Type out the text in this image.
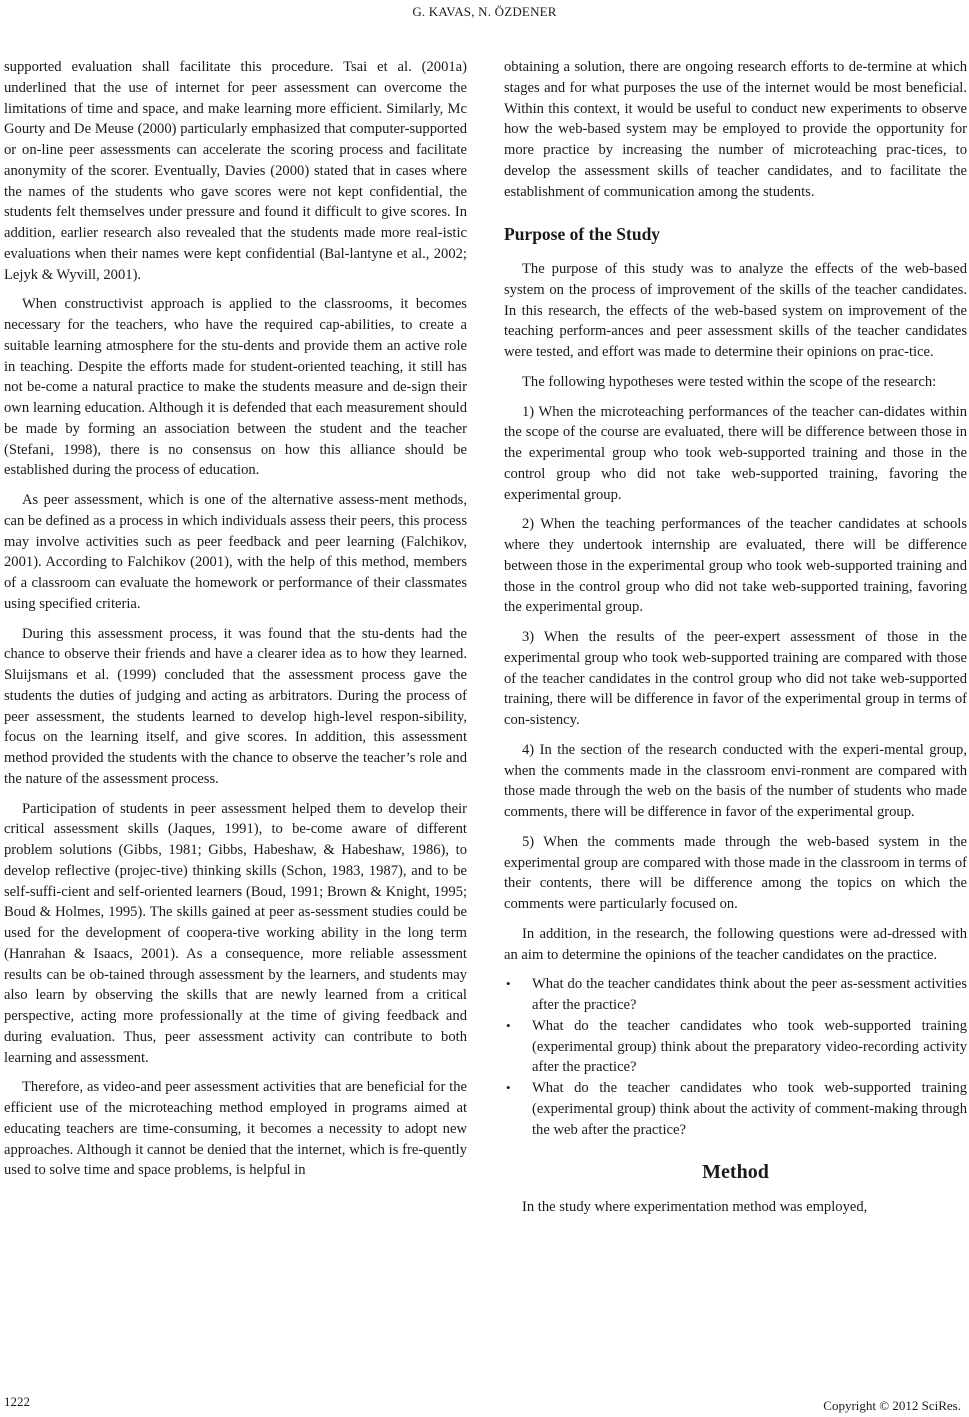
G. KAVAS, N. ÖZDENER

supported evaluation shall facilitate this procedure. Tsai et al. (2001a) underlined that the use of internet for peer assessment can overcome the limitations of time and space, and make learning more efficient. Similarly, Mc Gourty and De Meuse (2000) particularly emphasized that computer-supported or on-line peer assessments can accelerate the scoring process and facilitate anonymity of the scorer. Eventually, Davies (2000) stated that in cases where the names of the students who gave scores were not kept confidential, the students felt themselves under pressure and found it difficult to give scores. In addition, earlier research also revealed that the students made more real-istic evaluations when their names were kept confidential (Bal-lantyne et al., 2002; Lejyk & Wyvill, 2001).

When constructivist approach is applied to the classrooms, it becomes necessary for the teachers, who have the required cap-abilities, to create a suitable learning atmosphere for the stu-dents and provide them an active role in teaching. Despite the efforts made for student-oriented teaching, it still has not be-come a natural practice to make the students measure and de-sign their own learning education. Although it is defended that each measurement should be made by forming an association between the student and the teacher (Stefani, 1998), there is no consensus on how this alliance should be established during the process of education.

As peer assessment, which is one of the alternative assess-ment methods, can be defined as a process in which individuals assess their peers, this process may involve activities such as peer feedback and peer learning (Falchikov, 2001). According to Falchikov (2001), with the help of this method, members of a classroom can evaluate the homework or performance of their classmates using specified criteria.

During this assessment process, it was found that the stu-dents had the chance to observe their friends and have a clearer idea as to how they learned. Sluijsmans et al. (1999) concluded that the assessment process gave the students the duties of judging and acting as arbitrators. During the process of peer assessment, the students learned to develop high-level respon-sibility, focus on the learning itself, and give scores. In addition, this assessment method provided the students with the chance to observe the teacher’s role and the nature of the assessment process.

Participation of students in peer assessment helped them to develop their critical assessment skills (Jaques, 1991), to be-come aware of different problem solutions (Gibbs, 1981; Gibbs, Habeshaw, & Habeshaw, 1986), to develop reflective (projec-tive) thinking skills (Schon, 1983, 1987), and to be self-suffi-cient and self-oriented learners (Boud, 1991; Brown & Knight, 1995; Boud & Holmes, 1995). The skills gained at peer as-sessment studies could be used for the development of coopera-tive working ability in the long term (Hanrahan & Isaacs, 2001). As a consequence, more reliable assessment results can be ob-tained through assessment by the learners, and students may also learn by observing the skills that are newly learned from a critical perspective, acting more professionally at the time of giving feedback and during evaluation. Thus, peer assessment activity can contribute to both learning and assessment.

Therefore, as video-and peer assessment activities that are beneficial for the efficient use of the microteaching method employed in programs aimed at educating teachers are time-consuming, it becomes a necessity to adopt new approaches. Although it cannot be denied that the internet, which is fre-quently used to solve time and space problems, is helpful in

obtaining a solution, there are ongoing research efforts to de-termine at which stages and for what purposes the use of the internet would be most beneficial. Within this context, it would be useful to conduct new experiments to observe how the web-based system may be employed to provide the opportunity for more practice by increasing the number of microteaching prac-tices, to develop the assessment skills of teacher candidates, and to facilitate the establishment of communication among the students.

Purpose of the Study

The purpose of this study was to analyze the effects of the web-based system on the process of improvement of the skills of the teacher candidates. In this research, the effects of the web-based system on improvement of the teaching perform-ances and peer assessment skills of the teacher candidates were tested, and effort was made to determine their opinions on prac-tice.

The following hypotheses were tested within the scope of the research:

1) When the microteaching performances of the teacher can-didates within the scope of the course are evaluated, there will be difference between those in the experimental group who took web-supported training and those in the control group who did not take web-supported training, favoring the experimental group.

2) When the teaching performances of the teacher candidates at schools where they undertook internship are evaluated, there will be difference between those in the experimental group who took web-supported training and those in the control group who did not take web-supported training, favoring the experimental group.

3) When the results of the peer-expert assessment of those in the experimental group who took web-supported training are compared with those of the teacher candidates in the control group who did not take web-supported training, there will be difference in favor of the experimental group in terms of con-sistency.

4) In the section of the research conducted with the experi-mental group, when the comments made in the classroom envi-ronment are compared with those made through the web on the basis of the number of students who made comments, there will be difference in favor of the experimental group.

5) When the comments made through the web-based system in the experimental group are compared with those made in the classroom in terms of their contents, there will be difference among the topics on which the comments were particularly focused on.

In addition, in the research, the following questions were ad-dressed with an aim to determine the opinions of the teacher candidates on the practice.

• What do the teacher candidates think about the peer as-sessment activities after the practice?
• What do the teacher candidates who took web-supported training (experimental group) think about the preparatory video-recording activity after the practice?
• What do the teacher candidates who took web-supported training (experimental group) think about the activity of comment-making through the web after the practice?
Method

In the study where experimentation method was employed,

1222	Copyright © 2012 SciRes.
